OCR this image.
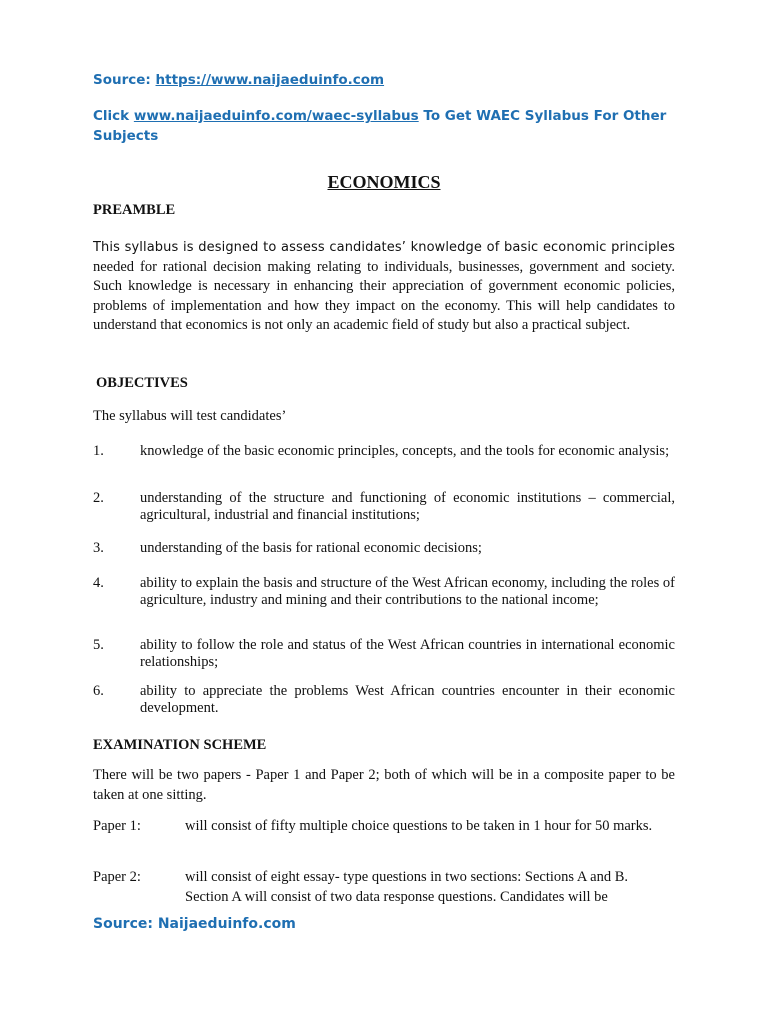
Source: https://www.naijaeduinfo.com
Click www.naijaeduinfo.com/waec-syllabus To Get WAEC Syllabus For Other Subjects
ECONOMICS
PREAMBLE
This syllabus is designed to assess candidates’ knowledge of basic economic principles needed for rational decision making relating to individuals, businesses, government and society. Such knowledge is necessary in enhancing their appreciation of government economic policies, problems of implementation and how they impact on the economy. This will help candidates to understand that economics is not only an academic field of study but also a practical subject.
OBJECTIVES
The syllabus will test candidates’
1. knowledge of the basic economic principles, concepts, and the tools for economic analysis;
2. understanding of the structure and functioning of economic institutions – commercial, agricultural, industrial and financial institutions;
3. understanding of the basis for rational economic decisions;
4. ability to explain the basis and structure of the West African economy, including the roles of agriculture, industry and mining and their contributions to the national income;
5. ability to follow the role and status of the West African countries in international economic relationships;
6. ability to appreciate the problems West African countries encounter in their economic development.
EXAMINATION SCHEME
There will be two papers - Paper 1 and Paper 2; both of which will be in a composite paper to be taken at one sitting.
Paper 1:	will consist of fifty multiple choice questions to be taken in 1 hour for 50 marks.
Paper 2:	will consist of eight essay- type questions in two sections: Sections A and B. Section A will consist of two data response questions. Candidates will be
Source: Naijaeduinfo.com
